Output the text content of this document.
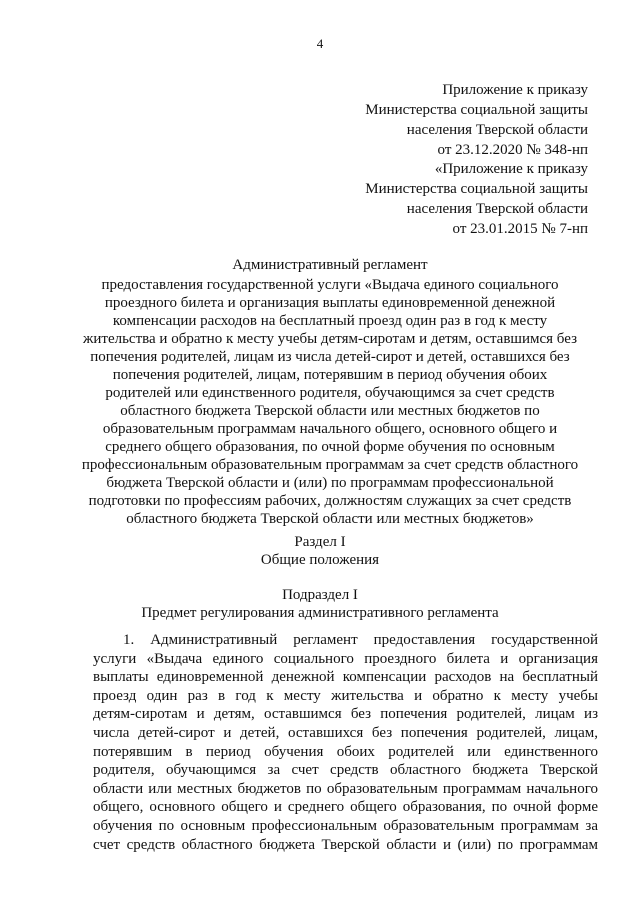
4
Приложение к приказу
Министерства социальной защиты
населения Тверской области
от 23.12.2020 № 348-нп
«Приложение к приказу
Министерства социальной защиты
населения Тверской области
от 23.01.2015 № 7-нп
Административный регламент
предоставления государственной услуги «Выдача единого социального
проездного билета и организация выплаты единовременной денежной
компенсации расходов на бесплатный проезд один раз в год к месту
жительства и обратно к месту учебы детям-сиротам и детям, оставшимся без
попечения родителей, лицам из числа детей-сирот и детей, оставшихся без
попечения родителей, лицам, потерявшим в период обучения обоих
родителей или единственного родителя, обучающимся за счет средств
областного бюджета Тверской области или местных бюджетов по
образовательным программам начального общего, основного общего и
среднего общего образования, по очной форме обучения по основным
профессиональным образовательным программам за счет средств областного
бюджета Тверской области и (или) по программам профессиональной
подготовки по профессиям рабочих, должностям служащих за счет средств
областного бюджета Тверской области или местных бюджетов»
Раздел I
Общие положения
Подраздел I
Предмет регулирования административного регламента
1. Административный регламент предоставления государственной
услуги «Выдача единого социального проездного билета и организация
выплаты единовременной денежной компенсации расходов на бесплатный
проезд один раз в год к месту жительства и обратно к месту учебы
детям-сиротам и детям, оставшимся без попечения родителей, лицам из
числа детей-сирот и детей, оставшихся без попечения родителей, лицам,
потерявшим в период обучения обоих родителей или единственного
родителя, обучающимся за счет средств областного бюджета Тверской
области или местных бюджетов по образовательным программам начального
общего, основного общего и среднего общего образования, по очной форме
обучения по основным профессиональным образовательным программам за
счет средств областного бюджета Тверской области и (или) по программам
